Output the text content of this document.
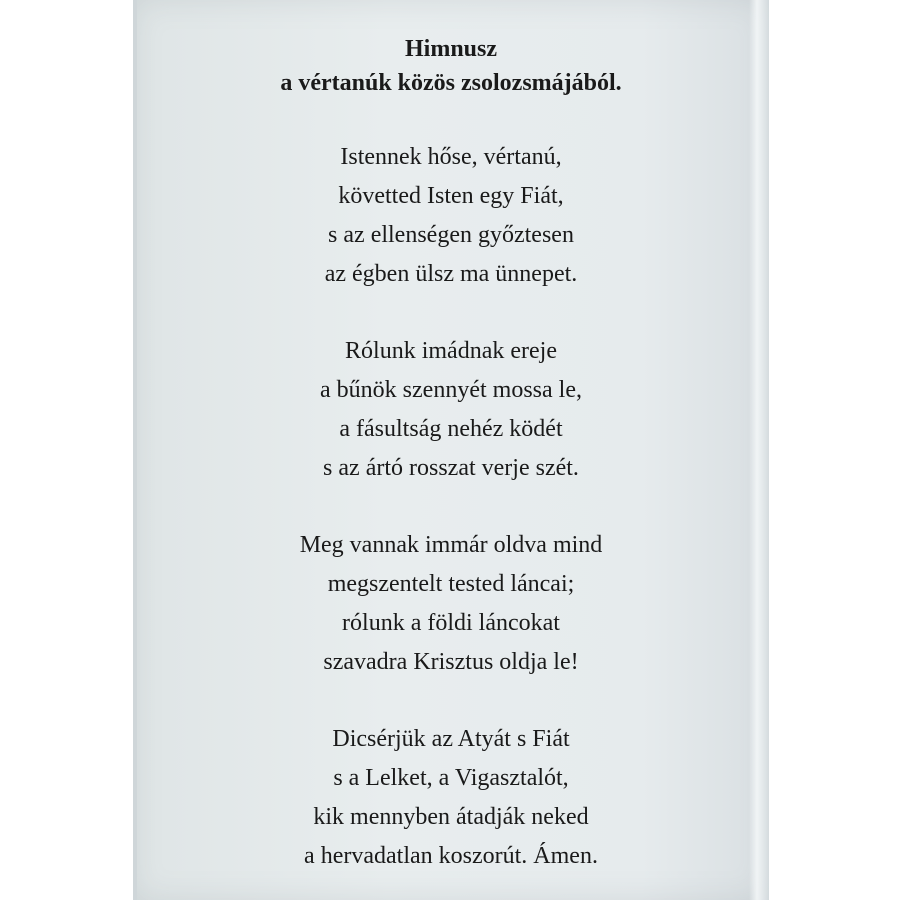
Himnusz
a vértanúk közös zsolozsmájából.

Istennek hőse, vértanú,
követted Isten egy Fiát,
s az ellenségen győztesen
az égben ülsz ma ünnepet.

Rólunk imádnak ereje
a bűnök szennyét mossa le,
a fásultság nehéz ködét
s az ártó rosszat verje szét.

Meg vannak immár oldva mind
megszentelt tested láncai;
rólunk a földi láncokat
szavadra Krisztus oldja le!

Dicsérjük az Atyát s Fiát
s a Lelket, a Vigasztalót,
kik mennyben átadják neked
a hervadatlan koszorút. Ámen.
